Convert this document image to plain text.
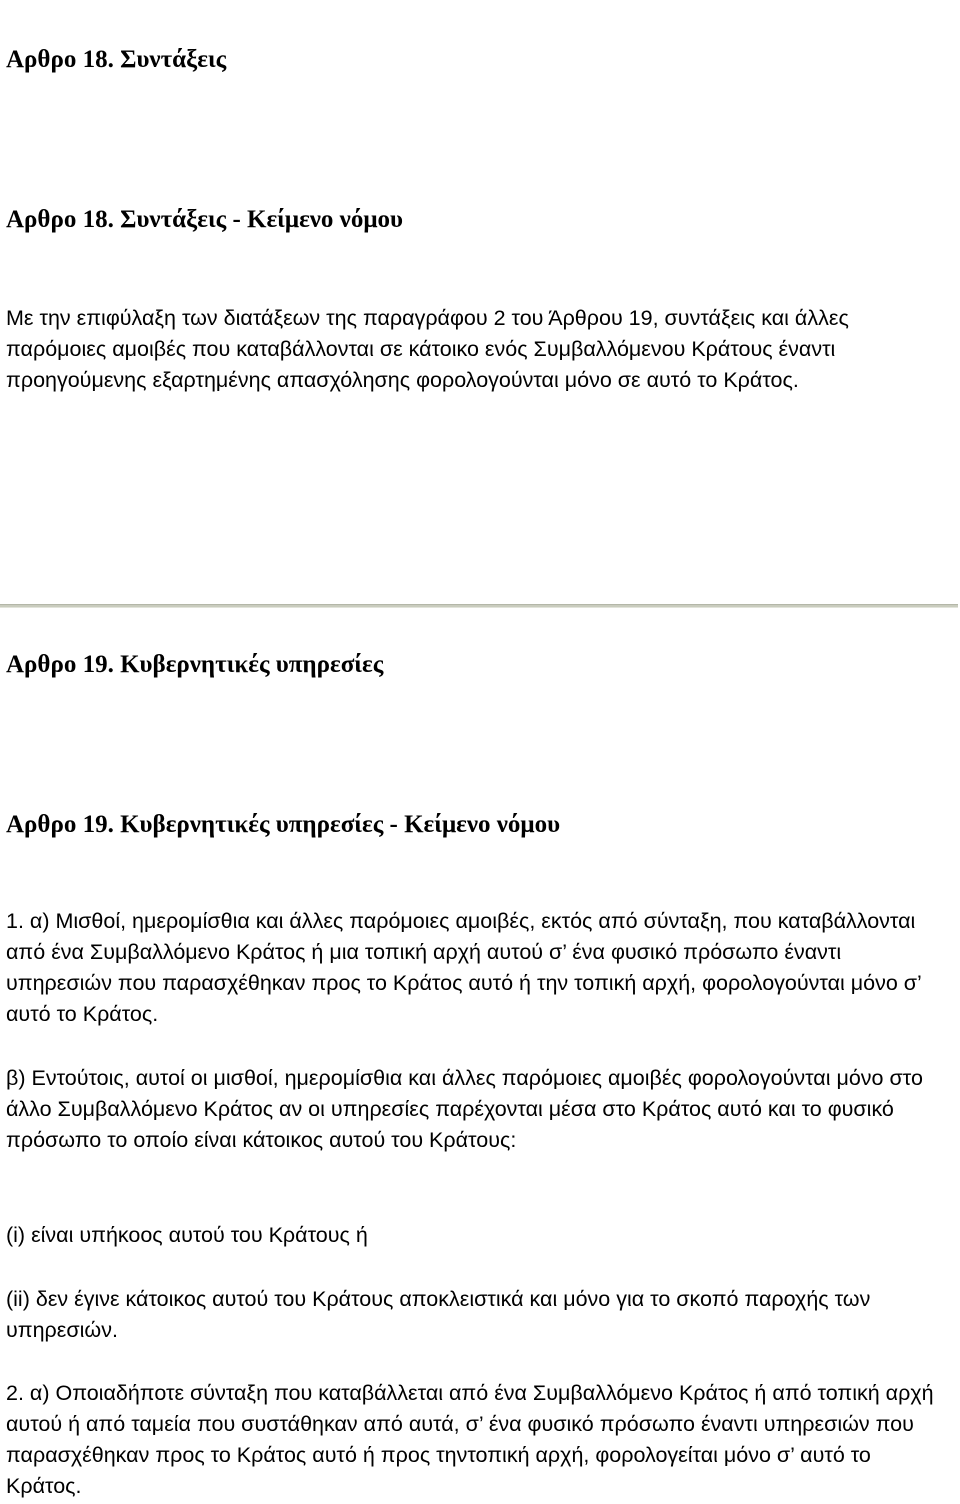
Αρθρο 18. Συντάξεις
Αρθρο 18. Συντάξεις - Κείμενο νόμου

Με την επιφύλαξη των διατάξεων της παραγράφου 2 του Άρθρου 19, συντάξεις και άλλες παρόμοιες αμοιβές που καταβάλλονται σε κάτοικο ενός Συμβαλλόμενου Κράτους έναντι προηγούμενης εξαρτημένης απασχόλησης φορολογούνται μόνο σε αυτό το Κράτος.

Αρθρο 19. Κυβερνητικές υπηρεσίες
Αρθρο 19. Κυβερνητικές υπηρεσίες - Κείμενο νόμου

1. α) Μισθοί, ημερομίσθια και άλλες παρόμοιες αμοιβές, εκτός από σύνταξη, που καταβάλλονται από ένα Συμβαλλόμενο Κράτος ή μια τοπική αρχή αυτού σ’ ένα φυσικό πρόσωπο έναντι υπηρεσιών που παρασχέθηκαν προς το Κράτος αυτό ή την τοπική αρχή, φορολογούνται μόνο σ’ αυτό το Κράτος.

β) Εντούτοις, αυτοί οι μισθοί, ημερομίσθια και άλλες παρόμοιες αμοιβές φορολογούνται μόνο στο άλλο Συμβαλλόμενο Κράτος αν οι υπηρεσίες παρέχονται μέσα στο Κράτος αυτό και το φυσικό πρόσωπο το οποίο είναι κάτοικος αυτού του Κράτους:

(i) είναι υπήκοος αυτού του Κράτους ή

(ii) δεν έγινε κάτοικος αυτού του Κράτους αποκλειστικά και μόνο για το σκοπό παροχής των υπηρεσιών.

2. α) Οποιαδήποτε σύνταξη που καταβάλλεται από ένα Συμβαλλόμενο Κράτος ή από τοπική αρχή αυτού ή από ταμεία που συστάθηκαν από αυτά, σ’ ένα φυσικό πρόσωπο έναντι υπηρεσιών που παρασχέθηκαν προς το Κράτος αυτό ή προς τηντοπική αρχή, φορολογείται μόνο σ’ αυτό το Κράτος.
